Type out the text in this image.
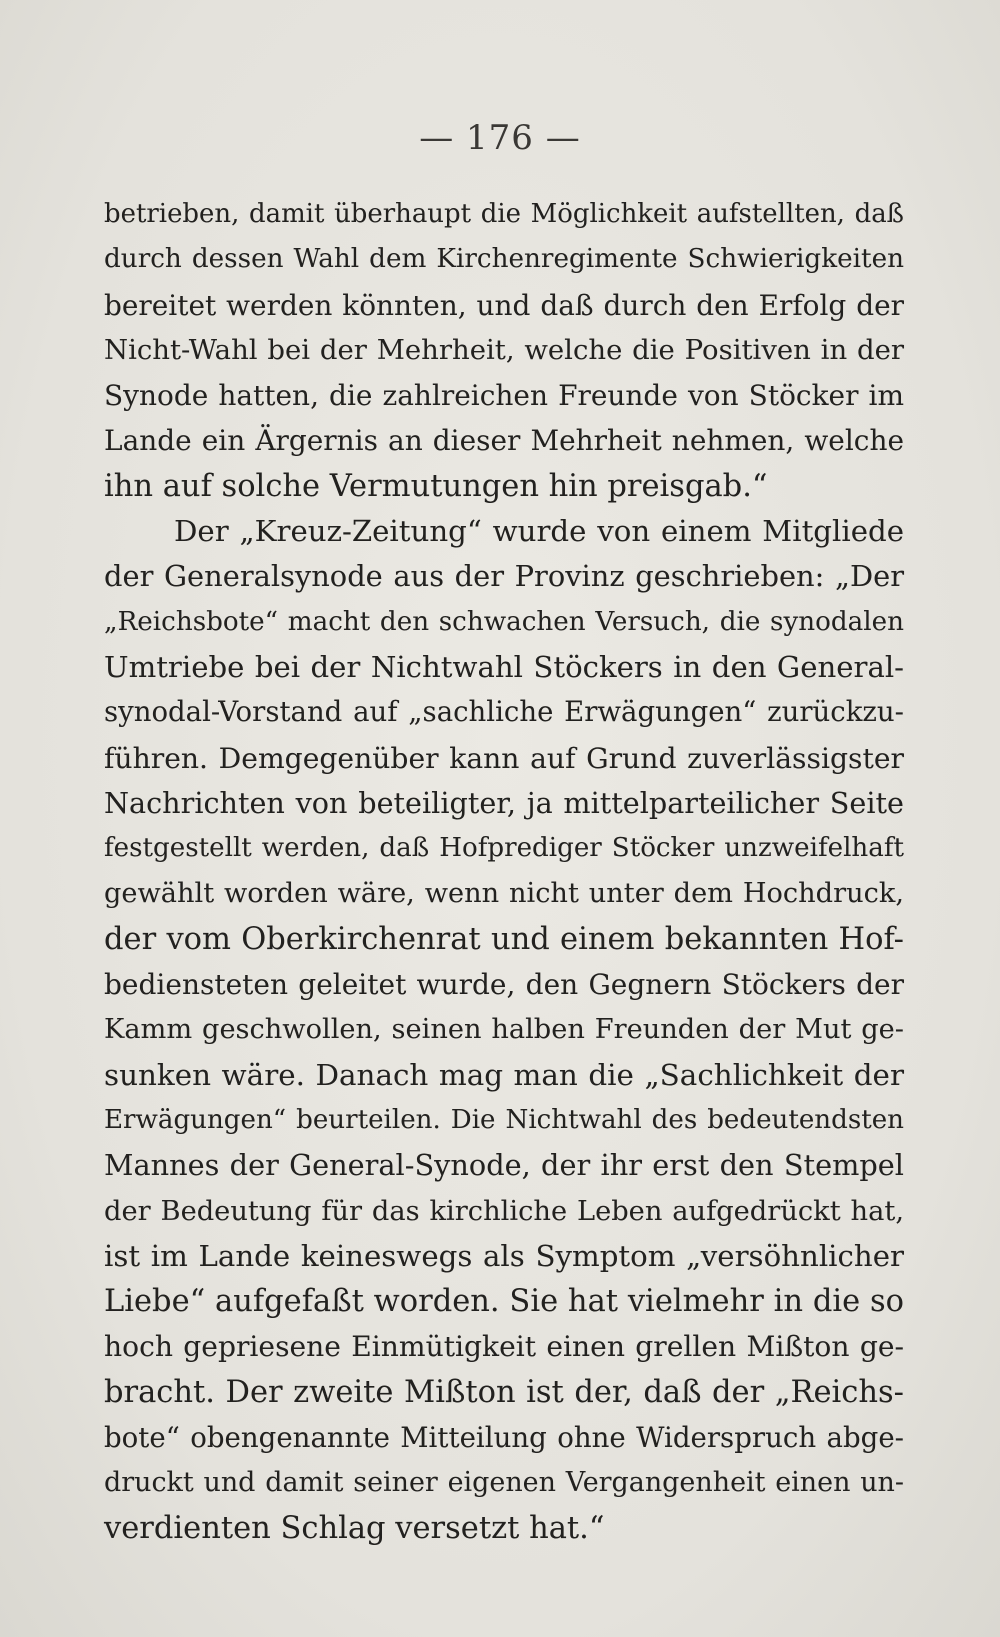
— 176 —
betrieben, damit überhaupt die Möglichkeit aufstellten, daß
durch dessen Wahl dem Kirchenregimente Schwierigkeiten
bereitet werden könnten, und daß durch den Erfolg der
Nicht-Wahl bei der Mehrheit, welche die Positiven in der
Synode hatten, die zahlreichen Freunde von Stöcker im
Lande ein Ärgernis an dieser Mehrheit nehmen, welche
ihn auf solche Vermutungen hin preisgab.“
Der „Kreuz-Zeitung“ wurde von einem Mitgliede
der Generalsynode aus der Provinz geschrieben: „Der
„Reichsbote“ macht den schwachen Versuch, die synodalen
Umtriebe bei der Nichtwahl Stöckers in den General-
synodal-Vorstand auf „sachliche Erwägungen“ zurückzu-
führen. Demgegenüber kann auf Grund zuverlässigster
Nachrichten von beteiligter, ja mittelparteilicher Seite
festgestellt werden, daß Hofprediger Stöcker unzweifelhaft
gewählt worden wäre, wenn nicht unter dem Hochdruck,
der vom Oberkirchenrat und einem bekannten Hof-
bediensteten geleitet wurde, den Gegnern Stöckers der
Kamm geschwollen, seinen halben Freunden der Mut ge-
sunken wäre. Danach mag man die „Sachlichkeit der
Erwägungen“ beurteilen. Die Nichtwahl des bedeutendsten
Mannes der General-Synode, der ihr erst den Stempel
der Bedeutung für das kirchliche Leben aufgedrückt hat,
ist im Lande keineswegs als Symptom „versöhnlicher
Liebe“ aufgefaßt worden. Sie hat vielmehr in die so
hoch gepriesene Einmütigkeit einen grellen Mißton ge-
bracht. Der zweite Mißton ist der, daß der „Reichs-
bote“ obengenannte Mitteilung ohne Widerspruch abge-
druckt und damit seiner eigenen Vergangenheit einen un-
verdienten Schlag versetzt hat.“
